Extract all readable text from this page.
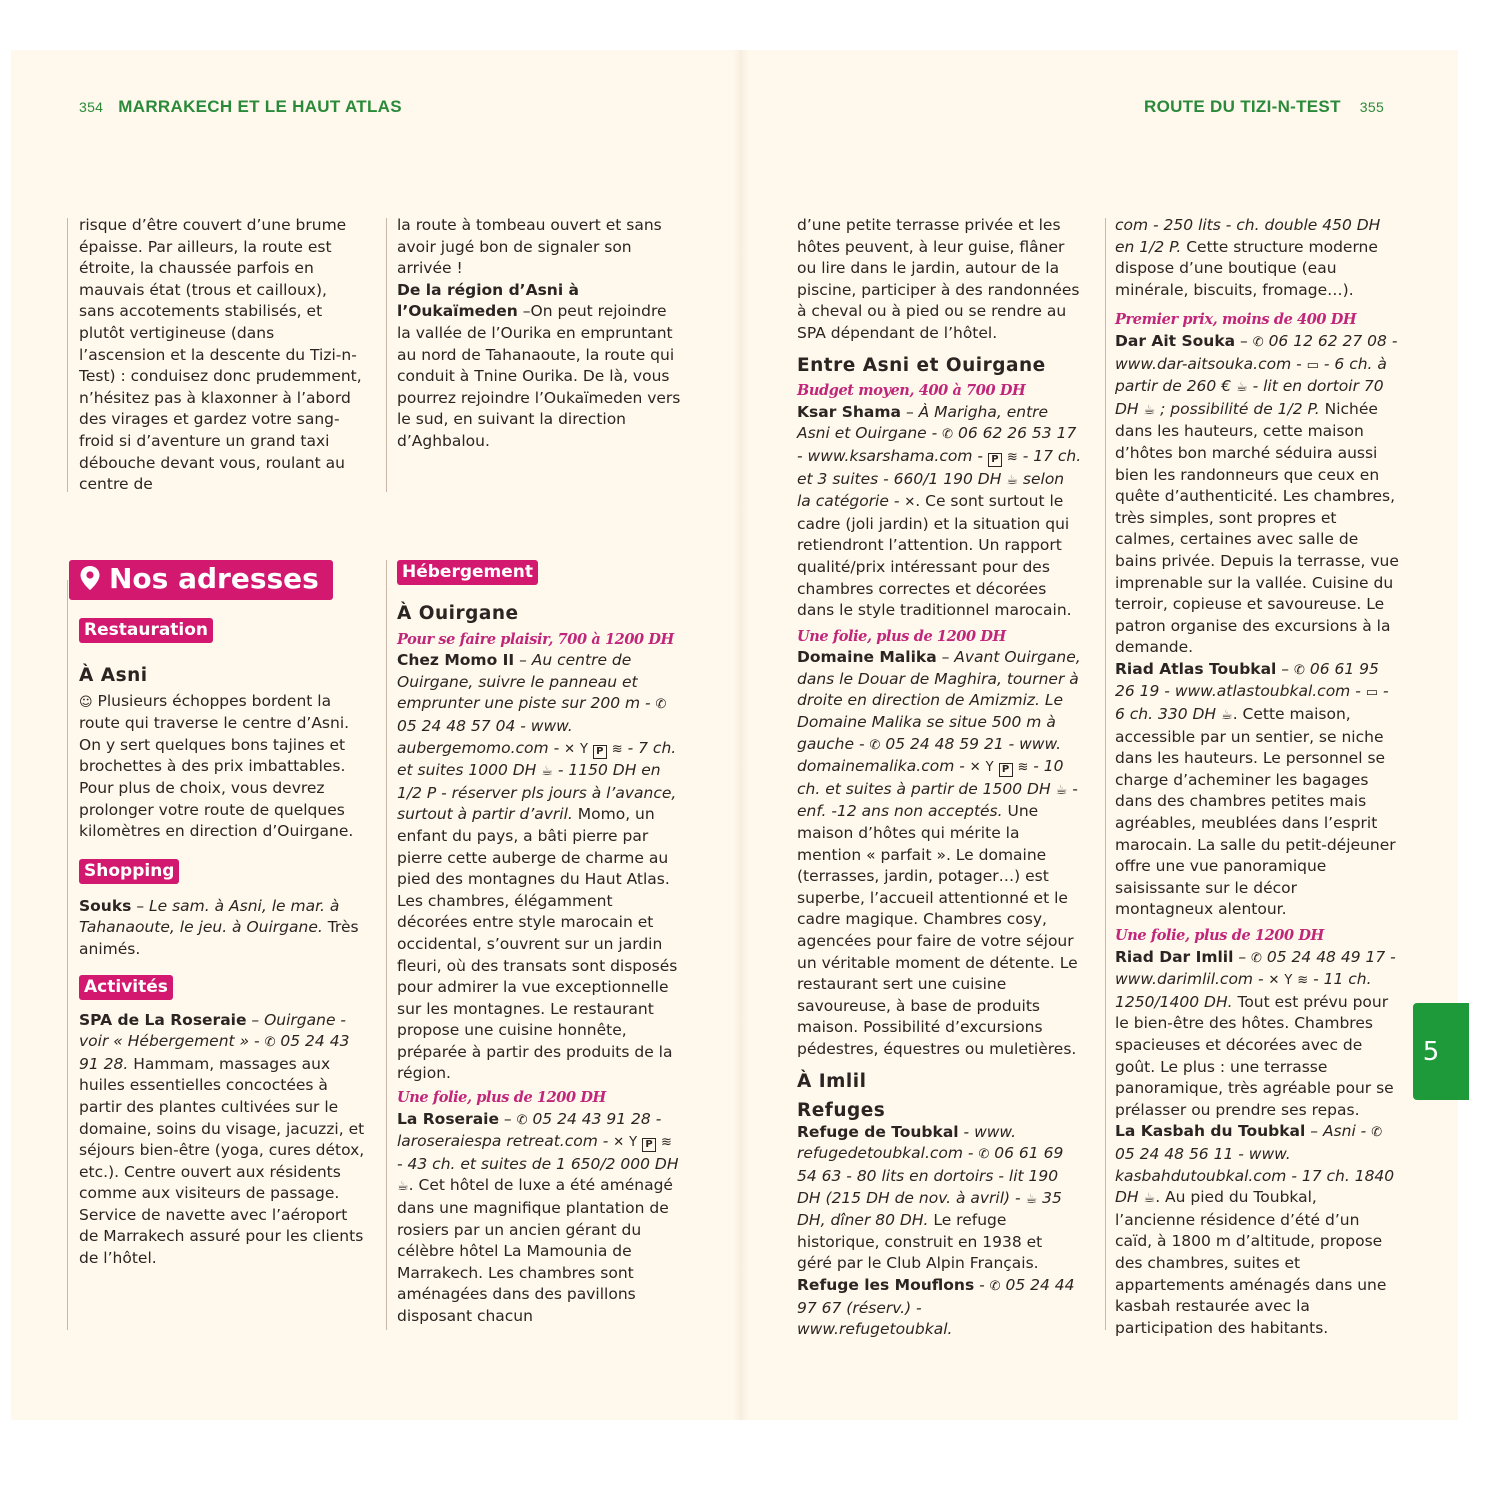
354 MARRAKECH ET LE HAUT ATLAS	ROUTE DU TIZI-N-TEST 355

risque d’être couvert d’une brume épaisse. Par ailleurs, la route est étroite, la chaussée parfois en mauvais état (trous et cailloux), sans accotements stabilisés, et plutôt vertigineuse (dans l’ascension et la descente du Tizi-n-Test) : conduisez donc prudemment, n’hésitez pas à klaxonner à l’abord des virages et gardez votre sang-froid si d’aventure un grand taxi débouche devant vous, roulant au centre de

Nos adresses
Restauration
À Asni

☺ Plusieurs échoppes bordent la route qui traverse le centre d’Asni. On y sert quelques bons tajines et brochettes à des prix imbattables. Pour plus de choix, vous devrez prolonger votre route de quelques kilomètres en direction d’Ouirgane.

Shopping

Souks – Le sam. à Asni, le mar. à Tahanaoute, le jeu. à Ouirgane. Très animés.

Activités

SPA de La Roseraie – Ouirgane - voir « Hébergement » - ✆ 05 24 43 91 28. Hammam, massages aux huiles essentielles concoctées à partir des plantes cultivées sur le domaine, soins du visage, jacuzzi, et séjours bien-être (yoga, cures détox, etc.). Centre ouvert aux résidents comme aux visiteurs de passage. Service de navette avec l’aéroport de Marrakech assuré pour les clients de l’hôtel.

la route à tombeau ouvert et sans avoir jugé bon de signaler son arrivée !

De la région d’Asni à l’Oukaïmeden –On peut rejoindre la vallée de l’Ourika en empruntant au nord de Tahanaoute, la route qui conduit à Tnine Ourika. De là, vous pourrez rejoindre l’Oukaïmeden vers le sud, en suivant la direction d’Aghbalou.

Hébergement
À Ouirgane
Pour se faire plaisir, 700 à 1200 DH

Chez Momo II – Au centre de Ouirgane, suivre le panneau et emprunter une piste sur 200 m - ✆ 05 24 48 57 04 - www. aubergemomo.com - ✕ Y P ≋ - 7 ch. et suites 1000 DH ☕ - 1150 DH en 1/2 P - réserver pls jours à l’avance, surtout à partir d’avril. Momo, un enfant du pays, a bâti pierre par pierre cette auberge de charme au pied des montagnes du Haut Atlas. Les chambres, élégamment décorées entre style marocain et occidental, s’ouvrent sur un jardin fleuri, où des transats sont disposés pour admirer la vue exceptionnelle sur les montagnes. Le restaurant propose une cuisine honnête, préparée à partir des produits de la région.

Une folie, plus de 1200 DH

La Roseraie – ✆ 05 24 43 91 28 - laroseraiespa retreat.com - ✕ Y P ≋ - 43 ch. et suites de 1 650/2 000 DH ☕. Cet hôtel de luxe a été aménagé dans une magnifique plantation de rosiers par un ancien gérant du célèbre hôtel La Mamounia de Marrakech. Les chambres sont aménagées dans des pavillons disposant chacun

d’une petite terrasse privée et les hôtes peuvent, à leur guise, flâner ou lire dans le jardin, autour de la piscine, participer à des randonnées à cheval ou à pied ou se rendre au SPA dépendant de l’hôtel.

Entre Asni et Ouirgane
Budget moyen, 400 à 700 DH

Ksar Shama – À Marigha, entre Asni et Ouirgane - ✆ 06 62 26 53 17 - www.ksarshama.com - P ≋ - 17 ch. et 3 suites - 660/1 190 DH ☕ selon la catégorie - ✕. Ce sont surtout le cadre (joli jardin) et la situation qui retiendront l’attention. Un rapport qualité/prix intéressant pour des chambres correctes et décorées dans le style traditionnel marocain.

Une folie, plus de 1200 DH

Domaine Malika – Avant Ouirgane, dans le Douar de Maghira, tourner à droite en direction de Amizmiz. Le Domaine Malika se situe 500 m à gauche - ✆ 05 24 48 59 21 - www. domainemalika.com - ✕ Y P ≋ - 10 ch. et suites à partir de 1500 DH ☕ - enf. -12 ans non acceptés. Une maison d’hôtes qui mérite la mention « parfait ». Le domaine (terrasses, jardin, potager…) est superbe, l’accueil attentionné et le cadre magique. Chambres cosy, agencées pour faire de votre séjour un véritable moment de détente. Le restaurant sert une cuisine savoureuse, à base de produits maison. Possibilité d’excursions pédestres, équestres ou muletières.

À Imlil
Refuges

Refuge de Toubkal - www. refugedetoubkal.com - ✆ 06 61 69 54 63 - 80 lits en dortoirs - lit 190 DH (215 DH de nov. à avril) - ☕ 35 DH, dîner 80 DH. Le refuge historique, construit en 1938 et géré par le Club Alpin Français.

Refuge les Mouflons - ✆ 05 24 44 97 67 (réserv.) - www.refugetoubkal.

com - 250 lits - ch. double 450 DH en 1/2 P. Cette structure moderne dispose d’une boutique (eau minérale, biscuits, fromage…).

Premier prix, moins de 400 DH

Dar Ait Souka – ✆ 06 12 62 27 08 - www.dar-aitsouka.com - ▭ - 6 ch. à partir de 260 € ☕ - lit en dortoir 70 DH ☕ ; possibilité de 1/2 P. Nichée dans les hauteurs, cette maison d’hôtes bon marché séduira aussi bien les randonneurs que ceux en quête d’authenticité. Les chambres, très simples, sont propres et calmes, certaines avec salle de bains privée. Depuis la terrasse, vue imprenable sur la vallée. Cuisine du terroir, copieuse et savoureuse. Le patron organise des excursions à la demande.

Riad Atlas Toubkal – ✆ 06 61 95 26 19 - www.atlastoubkal.com - ▭ - 6 ch. 330 DH ☕. Cette maison, accessible par un sentier, se niche dans les hauteurs. Le personnel se charge d’acheminer les bagages dans des chambres petites mais agréables, meublées dans l’esprit marocain. La salle du petit-déjeuner offre une vue panoramique saisissante sur le décor montagneux alentour.

Une folie, plus de 1200 DH

Riad Dar Imlil – ✆ 05 24 48 49 17 - www.darimlil.com - ✕ Y ≋ - 11 ch. 1250/1400 DH. Tout est prévu pour le bien-être des hôtes. Chambres spacieuses et décorées avec de goût. Le plus : une terrasse panoramique, très agréable pour se prélasser ou prendre ses repas.

La Kasbah du Toubkal – Asni - ✆ 05 24 48 56 11 - www. kasbahdutoubkal.com - 17 ch. 1840 DH ☕. Au pied du Toubkal, l’ancienne résidence d’été d’un caïd, à 1800 m d’altitude, propose des chambres, suites et appartements aménagés dans une kasbah restaurée avec la participation des habitants.

5
